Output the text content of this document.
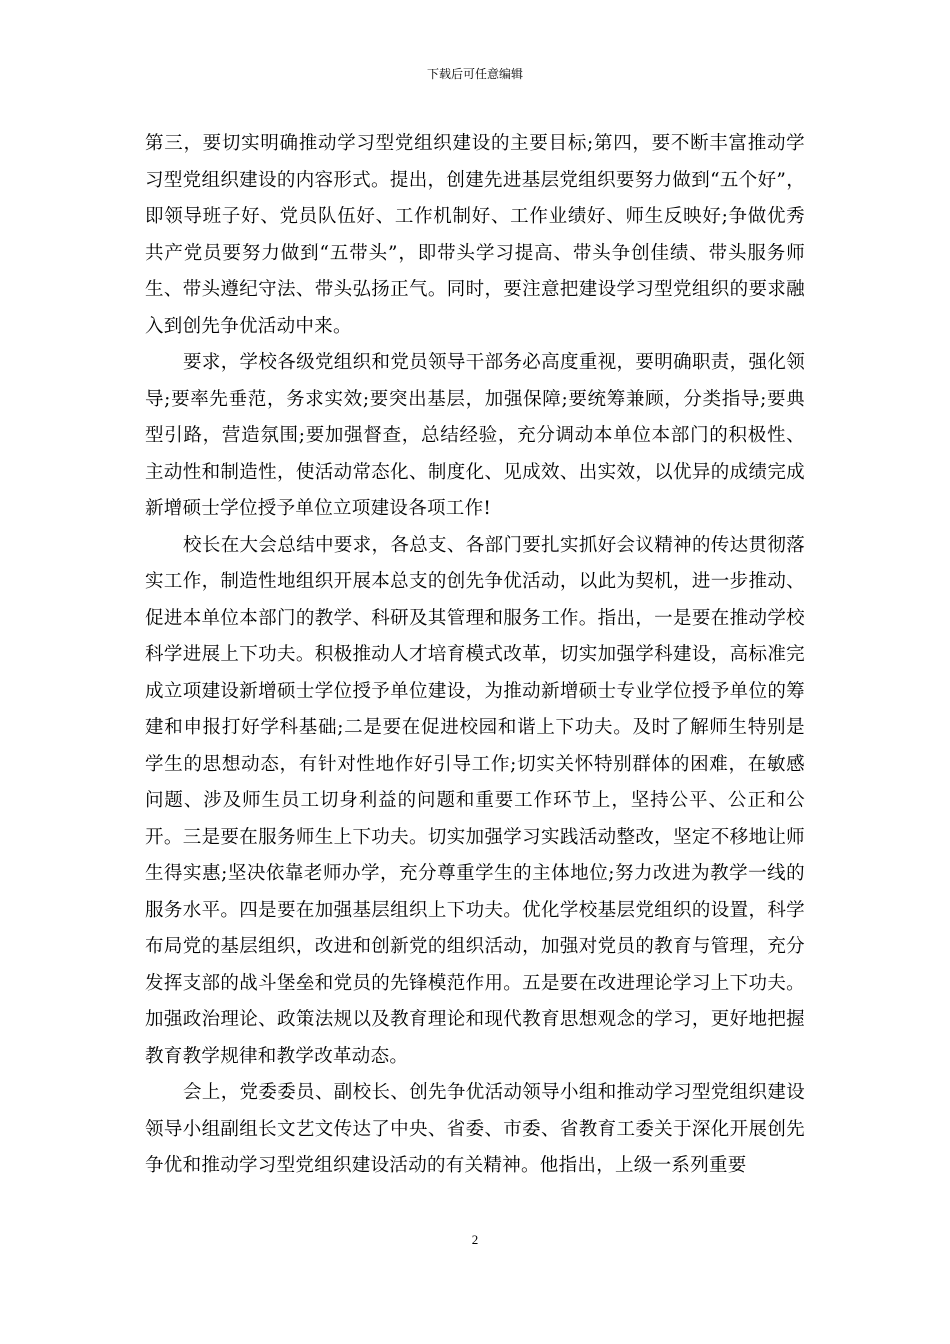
下载后可任意编辑

第三，要切实明确推动学习型党组织建设的主要目标;第四，要不断丰富推动学习型党组织建设的内容形式。提出，创建先进基层党组织要努力做到“五个好”，即领导班子好、党员队伍好、工作机制好、工作业绩好、师生反映好;争做优秀共产党员要努力做到“五带头”，即带头学习提高、带头争创佳绩、带头服务师生、带头遵纪守法、带头弘扬正气。同时，要注意把建设学习型党组织的要求融入到创先争优活动中来。

要求，学校各级党组织和党员领导干部务必高度重视，要明确职责，强化领导;要率先垂范，务求实效;要突出基层，加强保障;要统筹兼顾，分类指导;要典型引路，营造氛围;要加强督查，总结经验，充分调动本单位本部门的积极性、主动性和制造性，使活动常态化、制度化、见成效、出实效，以优异的成绩完成新增硕士学位授予单位立项建设各项工作!

校长在大会总结中要求，各总支、各部门要扎实抓好会议精神的传达贯彻落实工作，制造性地组织开展本总支的创先争优活动，以此为契机，进一步推动、促进本单位本部门的教学、科研及其管理和服务工作。指出，一是要在推动学校科学进展上下功夫。积极推动人才培育模式改革，切实加强学科建设，高标准完成立项建设新增硕士学位授予单位建设，为推动新增硕士专业学位授予单位的筹建和申报打好学科基础;二是要在促进校园和谐上下功夫。及时了解师生特别是学生的思想动态，有针对性地作好引导工作;切实关怀特别群体的困难，在敏感问题、涉及师生员工切身利益的问题和重要工作环节上，坚持公平、公正和公开。三是要在服务师生上下功夫。切实加强学习实践活动整改，坚定不移地让师生得实惠;坚决依靠老师办学，充分尊重学生的主体地位;努力改进为教学一线的服务水平。四是要在加强基层组织上下功夫。优化学校基层党组织的设置，科学布局党的基层组织，改进和创新党的组织活动，加强对党员的教育与管理，充分发挥支部的战斗堡垒和党员的先锋模范作用。五是要在改进理论学习上下功夫。加强政治理论、政策法规以及教育理论和现代教育思想观念的学习，更好地把握教育教学规律和教学改革动态。

会上，党委委员、副校长、创先争优活动领导小组和推动学习型党组织建设领导小组副组长文艺文传达了中央、省委、市委、省教育工委关于深化开展创先争优和推动学习型党组织建设活动的有关精神。他指出，上级一系列重要

2
